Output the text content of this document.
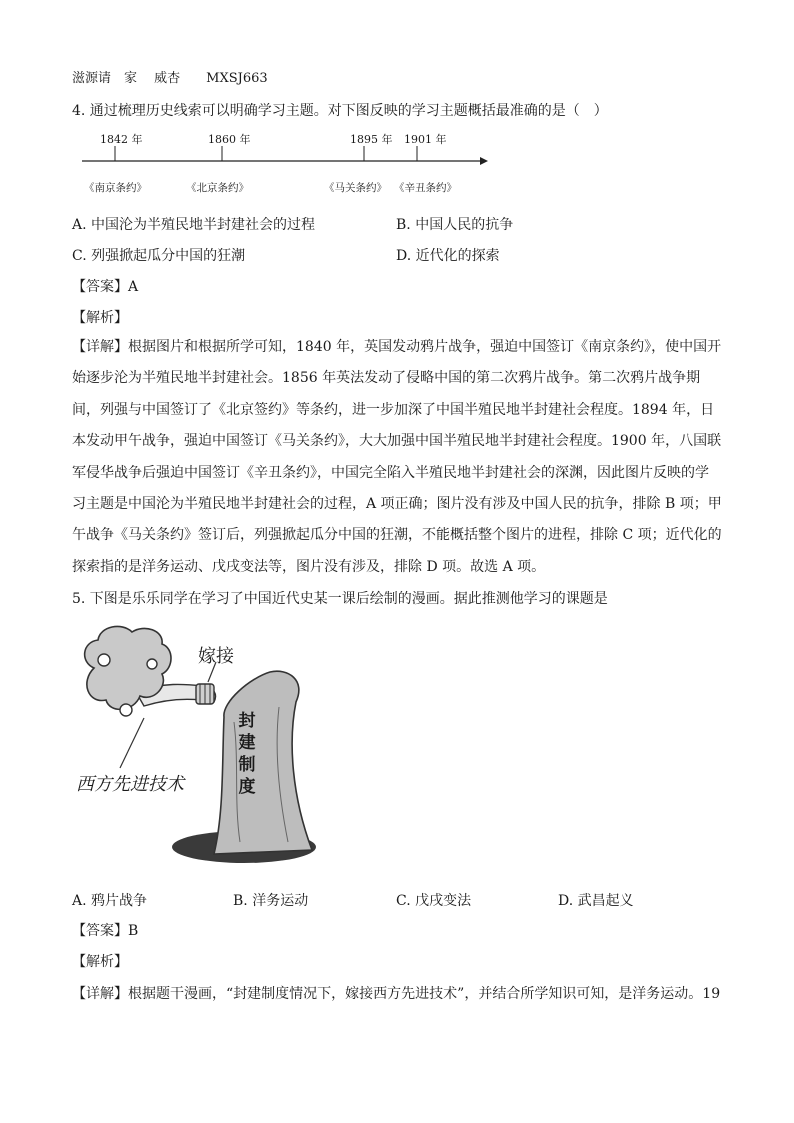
滋源请　家　 威杏　　MXSJ663
4. 通过梳理历史线索可以明确学习主题。对下图反映的学习主题概括最准确的是（　）
1842 年	1860 年	1895 年 1901 年
《南京条约》	《北京条约》	《马关条约》 《辛丑条约》
A. 中国沦为半殖民地半封建社会的过程	B. 中国人民的抗争
C. 列强掀起瓜分中国的狂潮	D. 近代化的探索
【答案】A
【解析】
【详解】根据图片和根据所学可知，1840 年，英国发动鸦片战争，强迫中国签订《南京条约》，使中国开始逐步沦为半殖民地半封建社会。1856 年英法发动了侵略中国的第二次鸦片战争。第二次鸦片战争期间，列强与中国签订了《北京签约》等条约，进一步加深了中国半殖民地半封建社会程度。1894 年，日本发动甲午战争，强迫中国签订《马关条约》，大大加强中国半殖民地半封建社会程度。1900 年，八国联军侵华战争后强迫中国签订《辛丑条约》，中国完全陷入半殖民地半封建社会的深渊，因此图片反映的学习主题是中国沦为半殖民地半封建社会的过程，A 项正确；图片没有涉及中国人民的抗争，排除 B 项；甲午战争《马关条约》签订后，列强掀起瓜分中国的狂潮，不能概括整个图片的进程，排除 C 项；近代化的探索指的是洋务运动、戊戌变法等，图片没有涉及，排除 D 项。故选 A 项。
5. 下图是乐乐同学在学习了中国近代史某一课后绘制的漫画。据此推测他学习的课题是
嫁接
封
建
制
度
西方先进技术
A. 鸦片战争	B. 洋务运动	C. 戊戌变法	D. 武昌起义
【答案】B
【解析】
【详解】根据题干漫画，“封建制度情况下，嫁接西方先进技术”，并结合所学知识可知，是洋务运动。19
